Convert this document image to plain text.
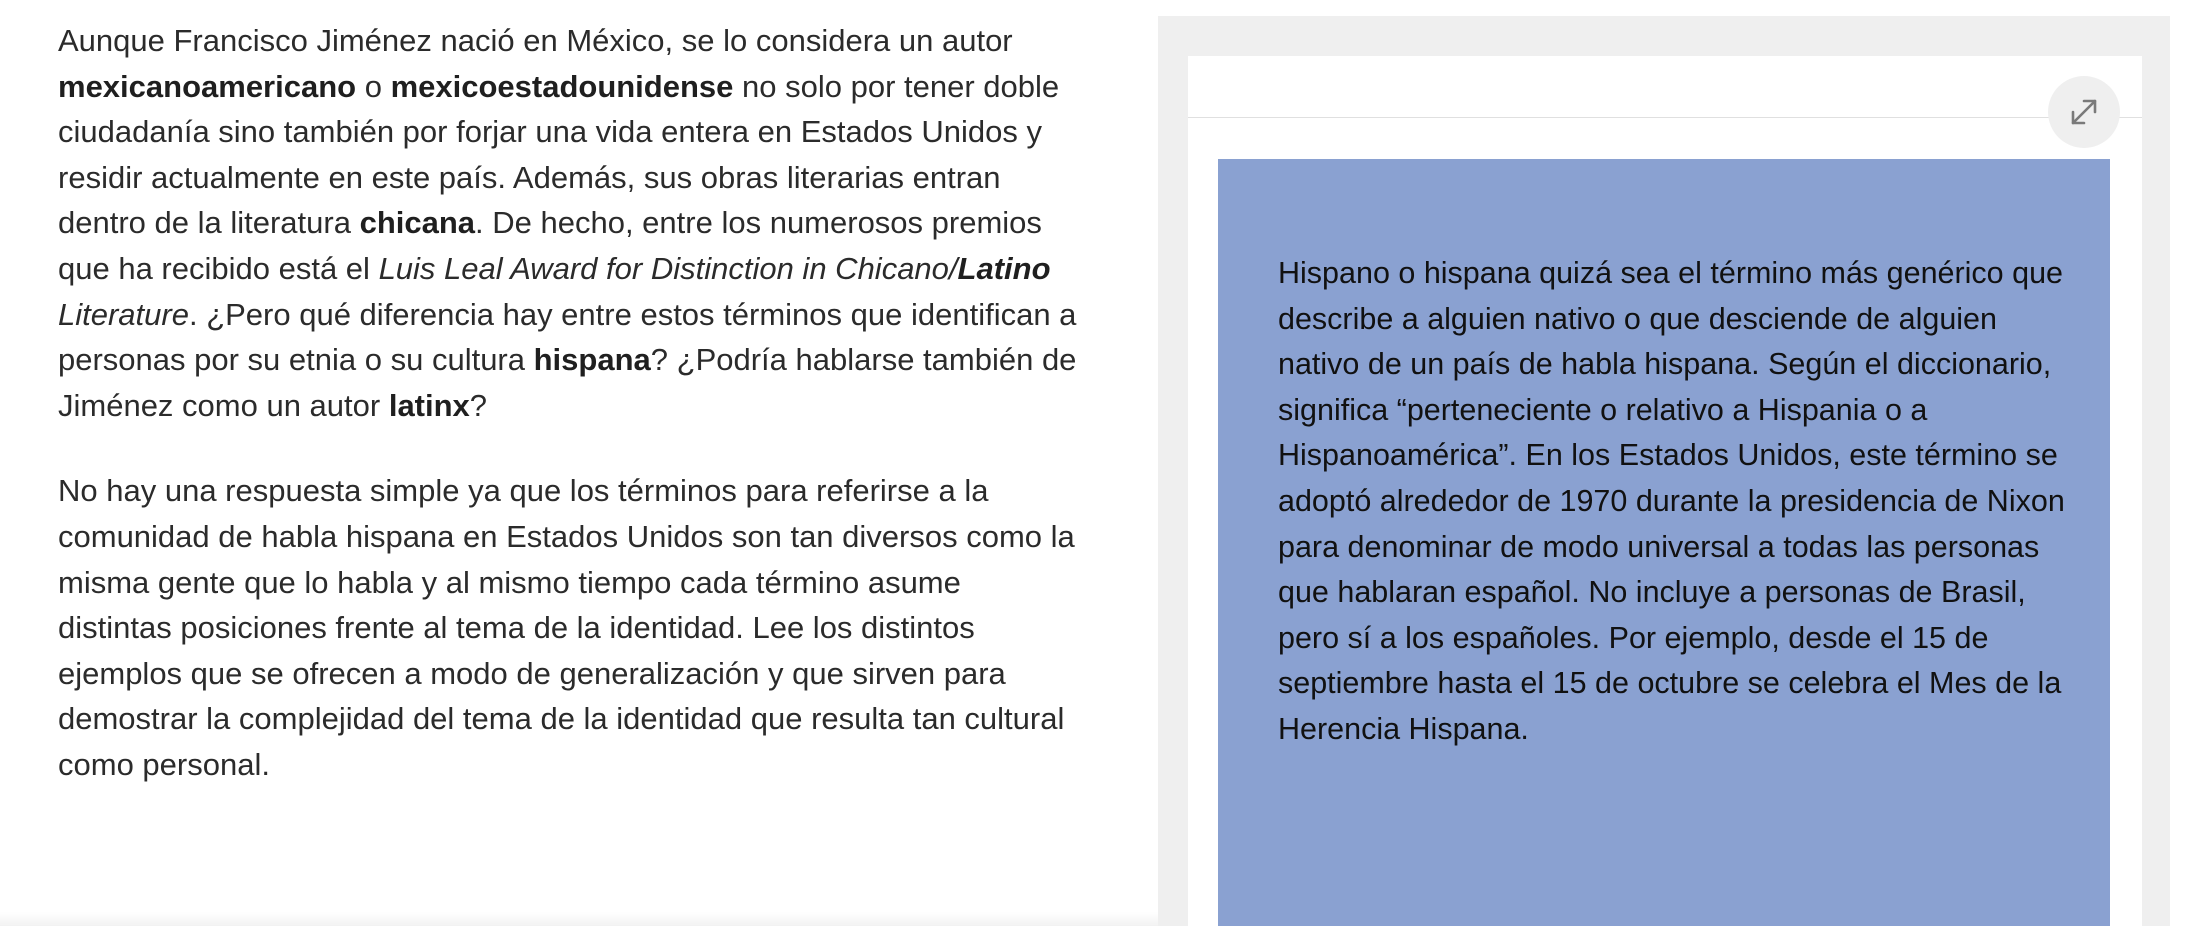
Aunque Francisco Jiménez nació en México, se lo considera un autor mexicanoamericano o mexicoestadounidense no solo por tener doble ciudadanía sino también por forjar una vida entera en Estados Unidos y residir actualmente en este país. Además, sus obras literarias entran dentro de la literatura chicana. De hecho, entre los numerosos premios que ha recibido está el Luis Leal Award for Distinction in Chicano/Latino Literature. ¿Pero qué diferencia hay entre estos términos que identifican a personas por su etnia o su cultura hispana? ¿Podría hablarse también de Jiménez como un autor latinx?

No hay una respuesta simple ya que los términos para referirse a la comunidad de habla hispana en Estados Unidos son tan diversos como la misma gente que lo habla y al mismo tiempo cada término asume distintas posiciones frente al tema de la identidad. Lee los distintos ejemplos que se ofrecen a modo de generalización y que sirven para demostrar la complejidad del tema de la identidad que resulta tan cultural como personal.

Hispano o hispana quizá sea el término más genérico que describe a alguien nativo o que desciende de alguien nativo de un país de habla hispana. Según el diccionario, significa “perteneciente o relativo a Hispania o a Hispanoamérica”. En los Estados Unidos, este término se adoptó alrededor de 1970 durante la presidencia de Nixon para denominar de modo universal a todas las personas que hablaran español. No incluye a personas de Brasil, pero sí a los españoles. Por ejemplo, desde el 15 de septiembre hasta el 15 de octubre se celebra el Mes de la Herencia Hispana.
